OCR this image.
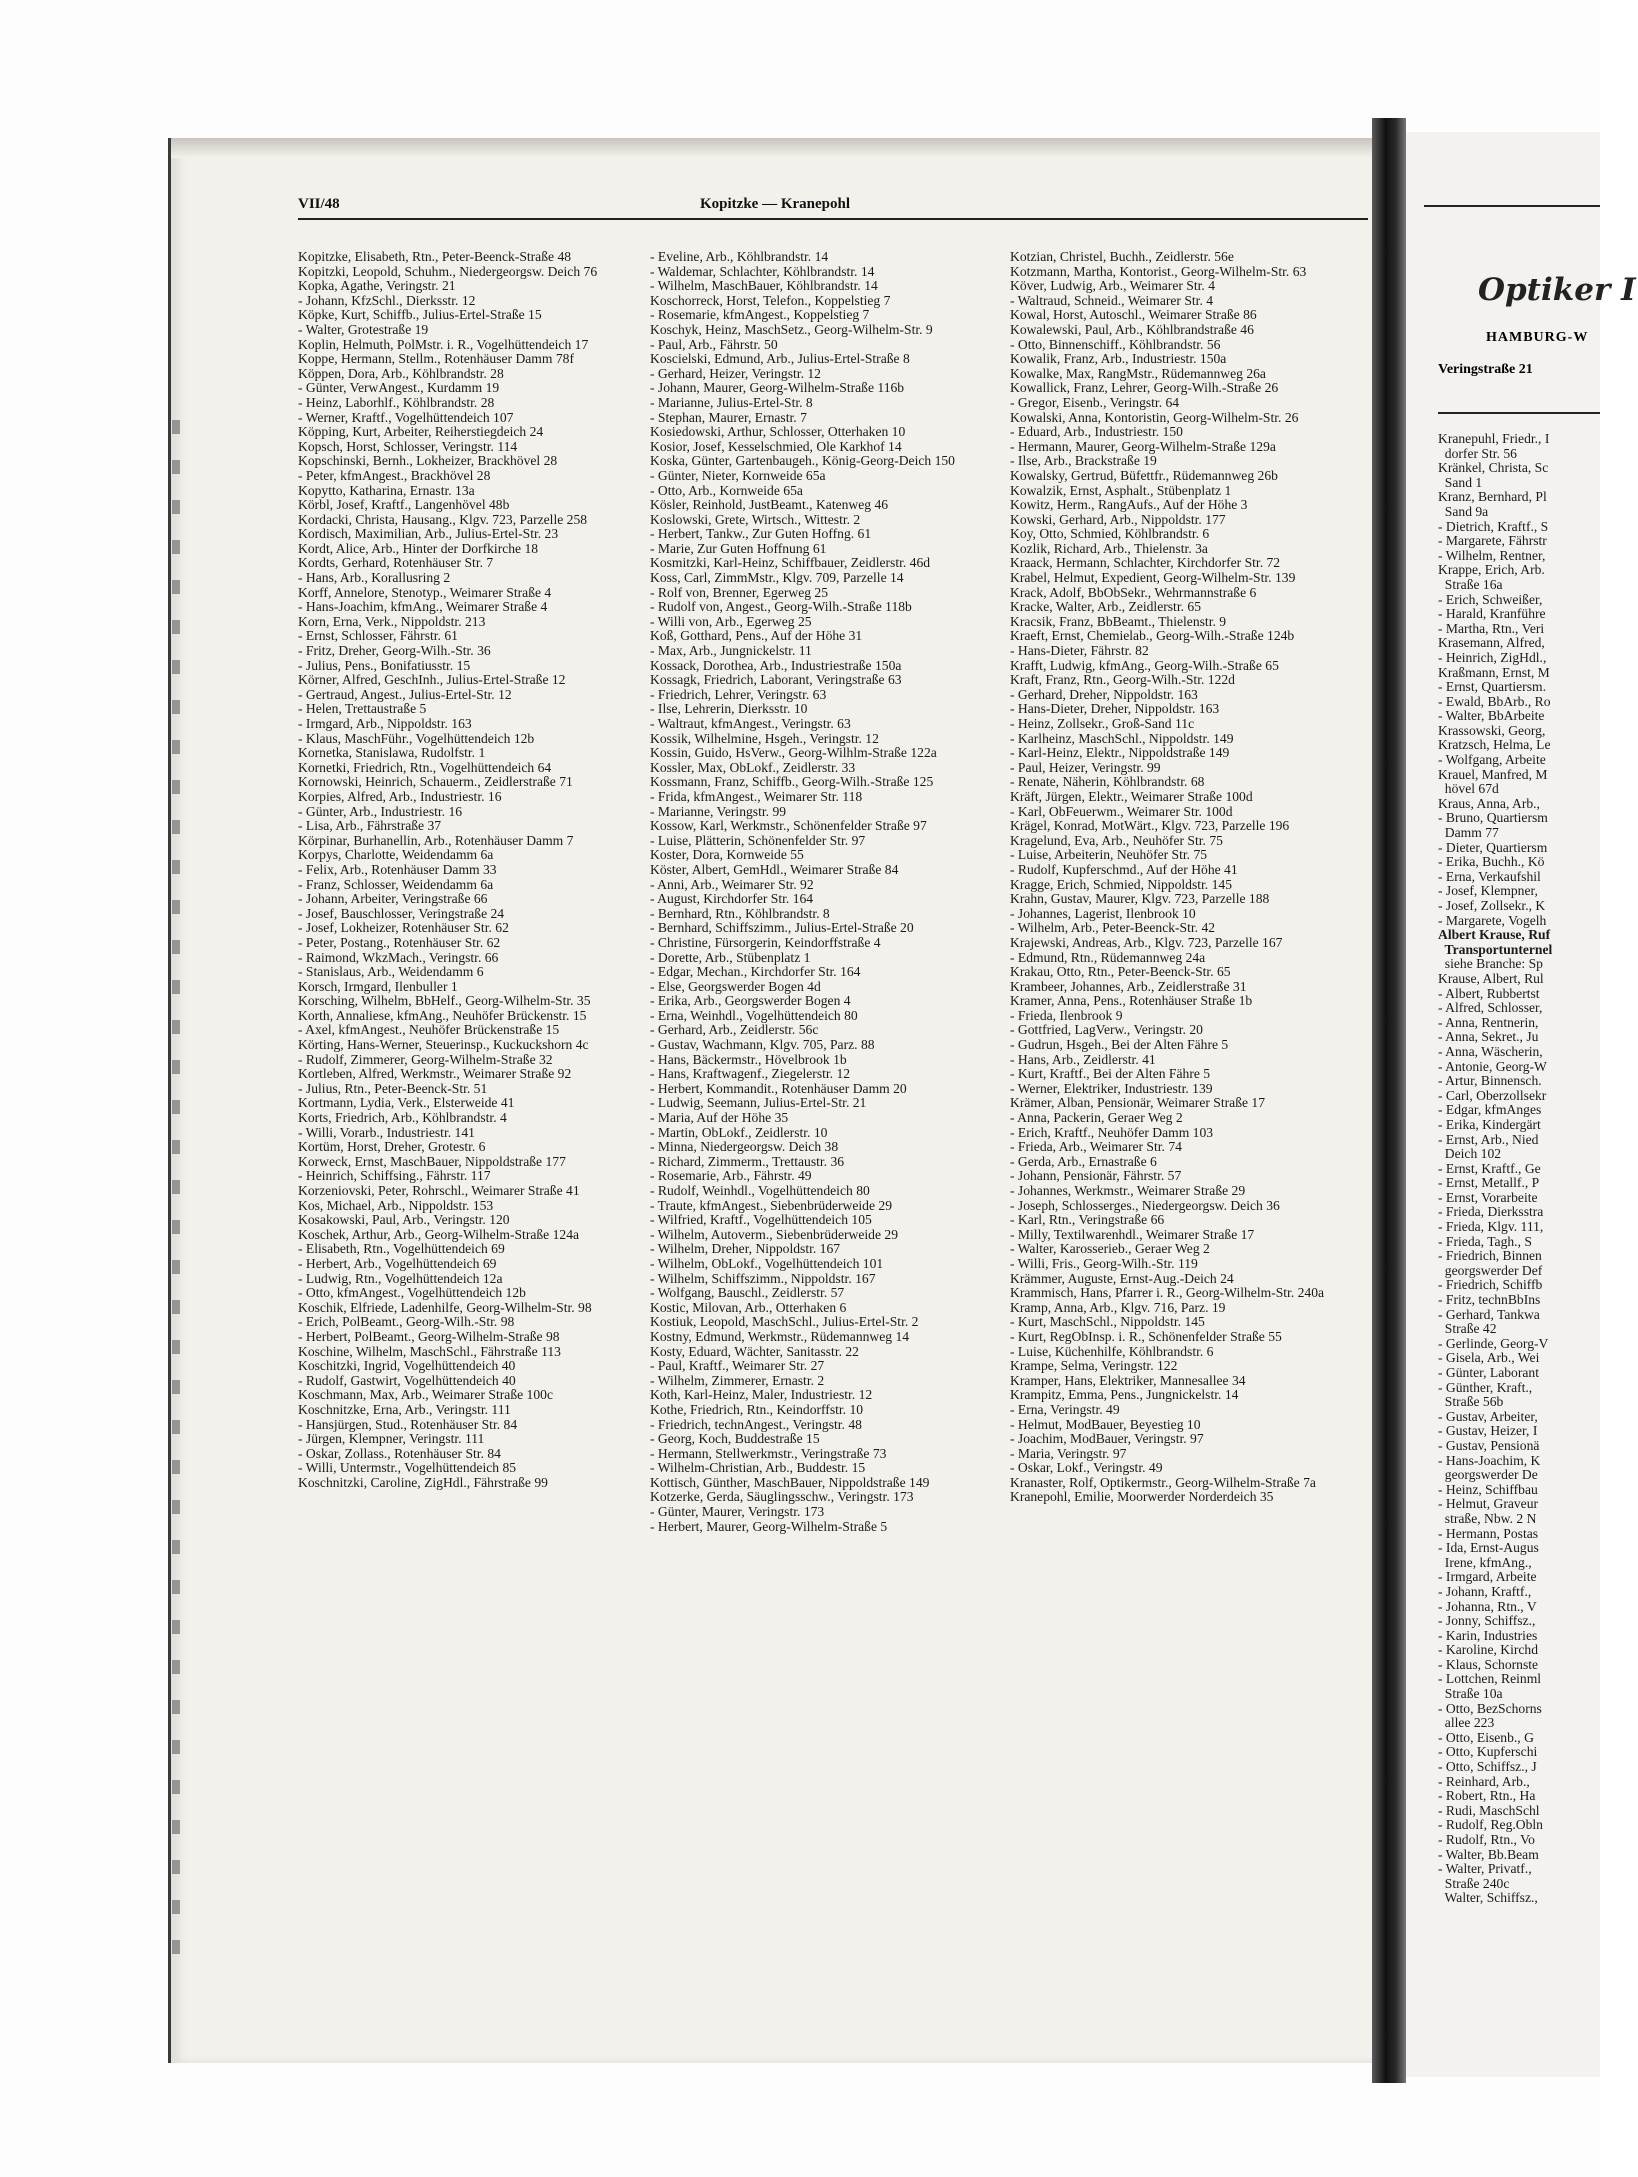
VII/48	Kopitzke — Kranepohl

Kopitzke, Elisabeth, Rtn., Peter-Beenck-Straße 48

Kopitzki, Leopold, Schuhm., Niedergeorgsw. Deich 76

Kopka, Agathe, Veringstr. 21

- Johann, KfzSchl., Dierksstr. 12

Köpke, Kurt, Schiffb., Julius-Ertel-Straße 15

- Walter, Grotestraße 19

Koplin, Helmuth, PolMstr. i. R., Vogelhüttendeich 17

Koppe, Hermann, Stellm., Rotenhäuser Damm 78f

Köppen, Dora, Arb., Köhlbrandstr. 28

- Günter, VerwAngest., Kurdamm 19

- Heinz, Laborhlf., Köhlbrandstr. 28

- Werner, Kraftf., Vogelhüttendeich 107

Köpping, Kurt, Arbeiter, Reiherstiegdeich 24

Kopsch, Horst, Schlosser, Veringstr. 114

Kopschinski, Bernh., Lokheizer, Brackhövel 28

- Peter, kfmAngest., Brackhövel 28

Kopytto, Katharina, Ernastr. 13a

Körbl, Josef, Kraftf., Langenhövel 48b

Kordacki, Christa, Hausang., Klgv. 723, Parzelle 258

Kordisch, Maximilian, Arb., Julius-Ertel-Str. 23

Kordt, Alice, Arb., Hinter der Dorfkirche 18

Kordts, Gerhard, Rotenhäuser Str. 7

- Hans, Arb., Korallusring 2

Korff, Annelore, Stenotyp., Weimarer Straße 4

- Hans-Joachim, kfmAng., Weimarer Straße 4

Korn, Erna, Verk., Nippoldstr. 213

- Ernst, Schlosser, Fährstr. 61

- Fritz, Dreher, Georg-Wilh.-Str. 36

- Julius, Pens., Bonifatiusstr. 15

Körner, Alfred, GeschInh., Julius-Ertel-Straße 12

- Gertraud, Angest., Julius-Ertel-Str. 12

- Helen, Trettaustraße 5

- Irmgard, Arb., Nippoldstr. 163

- Klaus, MaschFühr., Vogelhüttendeich 12b

Kornetka, Stanislawa, Rudolfstr. 1

Kornetki, Friedrich, Rtn., Vogelhüttendeich 64

Kornowski, Heinrich, Schauerm., Zeidlerstraße 71

Korpies, Alfred, Arb., Industriestr. 16

- Günter, Arb., Industriestr. 16

- Lisa, Arb., Fährstraße 37

Körpinar, Burhanellin, Arb., Rotenhäuser Damm 7

Korpys, Charlotte, Weidendamm 6a

- Felix, Arb., Rotenhäuser Damm 33

- Franz, Schlosser, Weidendamm 6a

- Johann, Arbeiter, Veringstraße 66

- Josef, Bauschlosser, Veringstraße 24

- Josef, Lokheizer, Rotenhäuser Str. 62

- Peter, Postang., Rotenhäuser Str. 62

- Raimond, WkzMach., Veringstr. 66

- Stanislaus, Arb., Weidendamm 6

Korsch, Irmgard, Ilenbuller 1

Korsching, Wilhelm, BbHelf., Georg-Wilhelm-Str. 35

Korth, Annaliese, kfmAng., Neuhöfer Brückenstr. 15

- Axel, kfmAngest., Neuhöfer Brückenstraße 15

Körting, Hans-Werner, Steuerinsp., Kuckuckshorn 4c

- Rudolf, Zimmerer, Georg-Wilhelm-Straße 32

Kortleben, Alfred, Werkmstr., Weimarer Straße 92

- Julius, Rtn., Peter-Beenck-Str. 51

Kortmann, Lydia, Verk., Elsterweide 41

Korts, Friedrich, Arb., Köhlbrandstr. 4

- Willi, Vorarb., Industriestr. 141

Kortüm, Horst, Dreher, Grotestr. 6

Korweck, Ernst, MaschBauer, Nippoldstraße 177

- Heinrich, Schiffsing., Fährstr. 117

Korzeniovski, Peter, Rohrschl., Weimarer Straße 41

Kos, Michael, Arb., Nippoldstr. 153

Kosakowski, Paul, Arb., Veringstr. 120

Koschek, Arthur, Arb., Georg-Wilhelm-Straße 124a

- Elisabeth, Rtn., Vogelhüttendeich 69

- Herbert, Arb., Vogelhüttendeich 69

- Ludwig, Rtn., Vogelhüttendeich 12a

- Otto, kfmAngest., Vogelhüttendeich 12b

Koschik, Elfriede, Ladenhilfe, Georg-Wilhelm-Str. 98

- Erich, PolBeamt., Georg-Wilh.-Str. 98

- Herbert, PolBeamt., Georg-Wilhelm-Straße 98

Koschine, Wilhelm, MaschSchl., Fährstraße 113

Koschitzki, Ingrid, Vogelhüttendeich 40

- Rudolf, Gastwirt, Vogelhüttendeich 40

Koschmann, Max, Arb., Weimarer Straße 100c

Koschnitzke, Erna, Arb., Veringstr. 111

- Hansjürgen, Stud., Rotenhäuser Str. 84

- Jürgen, Klempner, Veringstr. 111

- Oskar, Zollass., Rotenhäuser Str. 84

- Willi, Untermstr., Vogelhüttendeich 85

Koschnitzki, Caroline, ZigHdl., Fährstraße 99

- Eveline, Arb., Köhlbrandstr. 14

- Waldemar, Schlachter, Köhlbrandstr. 14

- Wilhelm, MaschBauer, Köhlbrandstr. 14

Koschorreck, Horst, Telefon., Koppelstieg 7

- Rosemarie, kfmAngest., Koppelstieg 7

Koschyk, Heinz, MaschSetz., Georg-Wilhelm-Str. 9

- Paul, Arb., Fährstr. 50

Koscielski, Edmund, Arb., Julius-Ertel-Straße 8

- Gerhard, Heizer, Veringstr. 12

- Johann, Maurer, Georg-Wilhelm-Straße 116b

- Marianne, Julius-Ertel-Str. 8

- Stephan, Maurer, Ernastr. 7

Kosiedowski, Arthur, Schlosser, Otterhaken 10

Kosior, Josef, Kesselschmied, Ole Karkhof 14

Koska, Günter, Gartenbaugeh., König-Georg-Deich 150

- Günter, Nieter, Kornweide 65a

- Otto, Arb., Kornweide 65a

Kösler, Reinhold, JustBeamt., Katenweg 46

Koslowski, Grete, Wirtsch., Wittestr. 2

- Herbert, Tankw., Zur Guten Hoffng. 61

- Marie, Zur Guten Hoffnung 61

Kosmitzki, Karl-Heinz, Schiffbauer, Zeidlerstr. 46d

Koss, Carl, ZimmMstr., Klgv. 709, Parzelle 14

- Rolf von, Brenner, Egerweg 25

- Rudolf von, Angest., Georg-Wilh.-Straße 118b

- Willi von, Arb., Egerweg 25

Koß, Gotthard, Pens., Auf der Höhe 31

- Max, Arb., Jungnickelstr. 11

Kossack, Dorothea, Arb., Industriestraße 150a

Kossagk, Friedrich, Laborant, Veringstraße 63

- Friedrich, Lehrer, Veringstr. 63

- Ilse, Lehrerin, Dierksstr. 10

- Waltraut, kfmAngest., Veringstr. 63

Kossik, Wilhelmine, Hsgeh., Veringstr. 12

Kossin, Guido, HsVerw., Georg-Wilhlm-Straße 122a

Kossler, Max, ObLokf., Zeidlerstr. 33

Kossmann, Franz, Schiffb., Georg-Wilh.-Straße 125

- Frida, kfmAngest., Weimarer Str. 118

- Marianne, Veringstr. 99

Kossow, Karl, Werkmstr., Schönenfelder Straße 97

- Luise, Plätterin, Schönenfelder Str. 97

Koster, Dora, Kornweide 55

Köster, Albert, GemHdl., Weimarer Straße 84

- Anni, Arb., Weimarer Str. 92

- August, Kirchdorfer Str. 164

- Bernhard, Rtn., Köhlbrandstr. 8

- Bernhard, Schiffszimm., Julius-Ertel-Straße 20

- Christine, Fürsorgerin, Keindorffstraße 4

- Dorette, Arb., Stübenplatz 1

- Edgar, Mechan., Kirchdorfer Str. 164

- Else, Georgswerder Bogen 4d

- Erika, Arb., Georgswerder Bogen 4

- Erna, Weinhdl., Vogelhüttendeich 80

- Gerhard, Arb., Zeidlerstr. 56c

- Gustav, Wachmann, Klgv. 705, Parz. 88

- Hans, Bäckermstr., Hövelbrook 1b

- Hans, Kraftwagenf., Ziegelerstr. 12

- Herbert, Kommandit., Rotenhäuser Damm 20

- Ludwig, Seemann, Julius-Ertel-Str. 21

- Maria, Auf der Höhe 35

- Martin, ObLokf., Zeidlerstr. 10

- Minna, Niedergeorgsw. Deich 38

- Richard, Zimmerm., Trettaustr. 36

- Rosemarie, Arb., Fährstr. 49

- Rudolf, Weinhdl., Vogelhüttendeich 80

- Traute, kfmAngest., Siebenbrüderweide 29

- Wilfried, Kraftf., Vogelhüttendeich 105

- Wilhelm, Autoverm., Siebenbrüderweide 29

- Wilhelm, Dreher, Nippoldstr. 167

- Wilhelm, ObLokf., Vogelhüttendeich 101

- Wilhelm, Schiffszimm., Nippoldstr. 167

- Wolfgang, Bauschl., Zeidlerstr. 57

Kostic, Milovan, Arb., Otterhaken 6

Kostiuk, Leopold, MaschSchl., Julius-Ertel-Str. 2

Kostny, Edmund, Werkmstr., Rüdemannweg 14

Kosty, Eduard, Wächter, Sanitasstr. 22

- Paul, Kraftf., Weimarer Str. 27

- Wilhelm, Zimmerer, Ernastr. 2

Koth, Karl-Heinz, Maler, Industriestr. 12

Kothe, Friedrich, Rtn., Keindorffstr. 10

- Friedrich, technAngest., Veringstr. 48

- Georg, Koch, Buddestraße 15

- Hermann, Stellwerkmstr., Veringstraße 73

- Wilhelm-Christian, Arb., Buddestr. 15

Kottisch, Günther, MaschBauer, Nippoldstraße 149

Kotzerke, Gerda, Säuglingsschw., Veringstr. 173

- Günter, Maurer, Veringstr. 173

- Herbert, Maurer, Georg-Wilhelm-Straße 5

Kotzian, Christel, Buchh., Zeidlerstr. 56e

Kotzmann, Martha, Kontorist., Georg-Wilhelm-Str. 63

Köver, Ludwig, Arb., Weimarer Str. 4

- Waltraud, Schneid., Weimarer Str. 4

Kowal, Horst, Autoschl., Weimarer Straße 86

Kowalewski, Paul, Arb., Köhlbrandstraße 46

- Otto, Binnenschiff., Köhlbrandstr. 56

Kowalik, Franz, Arb., Industriestr. 150a

Kowalke, Max, RangMstr., Rüdemannweg 26a

Kowallick, Franz, Lehrer, Georg-Wilh.-Straße 26

- Gregor, Eisenb., Veringstr. 64

Kowalski, Anna, Kontoristin, Georg-Wilhelm-Str. 26

- Eduard, Arb., Industriestr. 150

- Hermann, Maurer, Georg-Wilhelm-Straße 129a

- Ilse, Arb., Brackstraße 19

Kowalsky, Gertrud, Büfettfr., Rüdemannweg 26b

Kowalzik, Ernst, Asphalt., Stübenplatz 1

Kowitz, Herm., RangAufs., Auf der Höhe 3

Kowski, Gerhard, Arb., Nippoldstr. 177

Koy, Otto, Schmied, Köhlbrandstr. 6

Kozlik, Richard, Arb., Thielenstr. 3a

Kraack, Hermann, Schlachter, Kirchdorfer Str. 72

Krabel, Helmut, Expedient, Georg-Wilhelm-Str. 139

Krack, Adolf, BbObSekr., Wehrmannstraße 6

Kracke, Walter, Arb., Zeidlerstr. 65

Kracsik, Franz, BbBeamt., Thielenstr. 9

Kraeft, Ernst, Chemielab., Georg-Wilh.-Straße 124b

- Hans-Dieter, Fährstr. 82

Krafft, Ludwig, kfmAng., Georg-Wilh.-Straße 65

Kraft, Franz, Rtn., Georg-Wilh.-Str. 122d

- Gerhard, Dreher, Nippoldstr. 163

- Hans-Dieter, Dreher, Nippoldstr. 163

- Heinz, Zollsekr., Groß-Sand 11c

- Karlheinz, MaschSchl., Nippoldstr. 149

- Karl-Heinz, Elektr., Nippoldstraße 149

- Paul, Heizer, Veringstr. 99

- Renate, Näherin, Köhlbrandstr. 68

Kräft, Jürgen, Elektr., Weimarer Straße 100d

- Karl, ObFeuerwm., Weimarer Str. 100d

Krägel, Konrad, MotWärt., Klgv. 723, Parzelle 196

Kragelund, Eva, Arb., Neuhöfer Str. 75

- Luise, Arbeiterin, Neuhöfer Str. 75

- Rudolf, Kupferschmd., Auf der Höhe 41

Kragge, Erich, Schmied, Nippoldstr. 145

Krahn, Gustav, Maurer, Klgv. 723, Parzelle 188

- Johannes, Lagerist, Ilenbrook 10

- Wilhelm, Arb., Peter-Beenck-Str. 42

Krajewski, Andreas, Arb., Klgv. 723, Parzelle 167

- Edmund, Rtn., Rüdemannweg 24a

Krakau, Otto, Rtn., Peter-Beenck-Str. 65

Krambeer, Johannes, Arb., Zeidlerstraße 31

Kramer, Anna, Pens., Rotenhäuser Straße 1b

- Frieda, Ilenbrook 9

- Gottfried, LagVerw., Veringstr. 20

- Gudrun, Hsgeh., Bei der Alten Fähre 5

- Hans, Arb., Zeidlerstr. 41

- Kurt, Kraftf., Bei der Alten Fähre 5

- Werner, Elektriker, Industriestr. 139

Krämer, Alban, Pensionär, Weimarer Straße 17

- Anna, Packerin, Geraer Weg 2

- Erich, Kraftf., Neuhöfer Damm 103

- Frieda, Arb., Weimarer Str. 74

- Gerda, Arb., Ernastraße 6

- Johann, Pensionär, Fährstr. 57

- Johannes, Werkmstr., Weimarer Straße 29

- Joseph, Schlosserges., Niedergeorgsw. Deich 36

- Karl, Rtn., Veringstraße 66

- Milly, Textilwarenhdl., Weimarer Straße 17

- Walter, Karosserieb., Geraer Weg 2

- Willi, Fris., Georg-Wilh.-Str. 119

Krämmer, Auguste, Ernst-Aug.-Deich 24

Krammisch, Hans, Pfarrer i. R., Georg-Wilhelm-Str. 240a

Kramp, Anna, Arb., Klgv. 716, Parz. 19

- Kurt, MaschSchl., Nippoldstr. 145

- Kurt, RegObInsp. i. R., Schönenfelder Straße 55

- Luise, Küchenhilfe, Köhlbrandstr. 6

Krampe, Selma, Veringstr. 122

Kramper, Hans, Elektriker, Mannesallee 34

Krampitz, Emma, Pens., Jungnickelstr. 14

- Erna, Veringstr. 49

- Helmut, ModBauer, Beyestieg 10

- Joachim, ModBauer, Veringstr. 97

- Maria, Veringstr. 97

- Oskar, Lokf., Veringstr. 49

Kranaster, Rolf, Optikermstr., Georg-Wilhelm-Straße 7a

Kranepohl, Emilie, Moorwerder Norderdeich 35

Optiker I
HAMBURG-W
Veringstraße 21
Kranepuhl, Friedr., I
dorfer Str. 56
Kränkel, Christa, Sc
Sand 1
Kranz, Bernhard, Pl
Sand 9a
- Dietrich, Kraftf., S
- Margarete, Fährstr
- Wilhelm, Rentner,
Krappe, Erich, Arb.
Straße 16a
- Erich, Schweißer,
- Harald, Kranführe
- Martha, Rtn., Veri
Krasemann, Alfred,
- Heinrich, ZigHdl.,
Kraßmann, Ernst, M
- Ernst, Quartiersm.
- Ewald, BbArb., Ro
- Walter, BbArbeite
Krassowski, Georg,
Kratzsch, Helma, Le
- Wolfgang, Arbeite
Krauel, Manfred, M
hövel 67d
Kraus, Anna, Arb.,
- Bruno, Quartiersm
Damm 77
- Dieter, Quartiersm
- Erika, Buchh., Kö
- Erna, Verkaufshil
- Josef, Klempner,
- Josef, Zollsekr., K
- Margarete, Vogelh
Albert Krause, Ruf
Transportunternel
siehe Branche: Sp
Krause, Albert, Rul
- Albert, Rubbertst
- Alfred, Schlosser,
- Anna, Rentnerin,
- Anna, Sekret., Ju
- Anna, Wäscherin,
- Antonie, Georg-W
- Artur, Binnensch.
- Carl, Oberzollsekr
- Edgar, kfmAnges
- Erika, Kindergärt
- Ernst, Arb., Nied
Deich 102
- Ernst, Kraftf., Ge
- Ernst, Metallf., P
- Ernst, Vorarbeite
- Frieda, Dierksstra
- Frieda, Klgv. 111,
- Frieda, Tagh., S
- Friedrich, Binnen
georgswerder Def
- Friedrich, Schiffb
- Fritz, technBbIns
- Gerhard, Tankwa
Straße 42
- Gerlinde, Georg-V
- Gisela, Arb., Wei
- Günter, Laborant
- Günther, Kraft.,
Straße 56b
- Gustav, Arbeiter,
- Gustav, Heizer, I
- Gustav, Pensionä
- Hans-Joachim, K
georgswerder De
- Heinz, Schiffbau
- Helmut, Graveur
straße, Nbw. 2 N
- Hermann, Postas
- Ida, Ernst-Augus
Irene, kfmAng.,
- Irmgard, Arbeite
- Johann, Kraftf.,
- Johanna, Rtn., V
- Jonny, Schiffsz.,
- Karin, Industries
- Karoline, Kirchd
- Klaus, Schornste
- Lottchen, Reinml
Straße 10a
- Otto, BezSchorns
allee 223
- Otto, Eisenb., G
- Otto, Kupferschi
- Otto, Schiffsz., J
- Reinhard, Arb.,
- Robert, Rtn., Ha
- Rudi, MaschSchl
- Rudolf, Reg.Obln
- Rudolf, Rtn., Vo
- Walter, Bb.Beam
- Walter, Privatf.,
Straße 240c
Walter, Schiffsz.,
